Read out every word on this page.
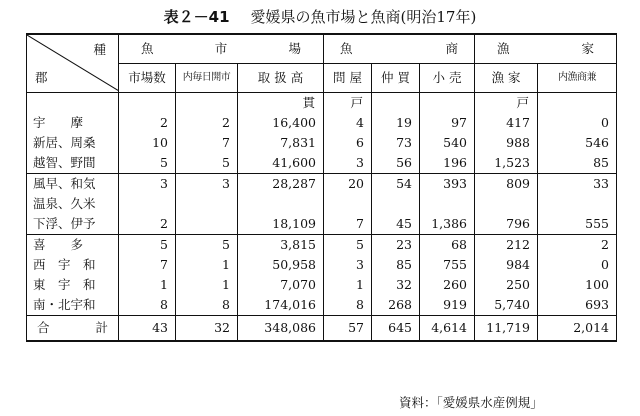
表２－41 愛媛県の魚市場と魚商(明治17年)
種
郡	魚 市 場			魚 商			漁 家	

	市場数	内毎日開市	取 扱 高	問 屋	仲 買	小 売	漁 家	内漁商兼
			貫	戸			戸	
宇　　摩	2	2	16,400	4	19	97	417	0
新居、周桑	10	7	7,831	6	73	540	988	546
越智、野間	5	5	41,600	3	56	196	1,523	85
風早、和気	3	3	28,287	20	54	393	809	33
温泉、久米								
下浮、伊予	2		18,109	7	45	1,386	796	555
喜　　多	5	5	3,815	5	23	68	212	2
西　宇　和	7	1	50,958	3	85	755	984	0
東　宇　和	1	1	7,070	1	32	260	250	100
南・北宇和	8	8	174,016	8	268	919	5,740	693

合 計	43	32	348,086	57	645	4,614	11,719	2,014
資料：「愛媛県水産例規」
